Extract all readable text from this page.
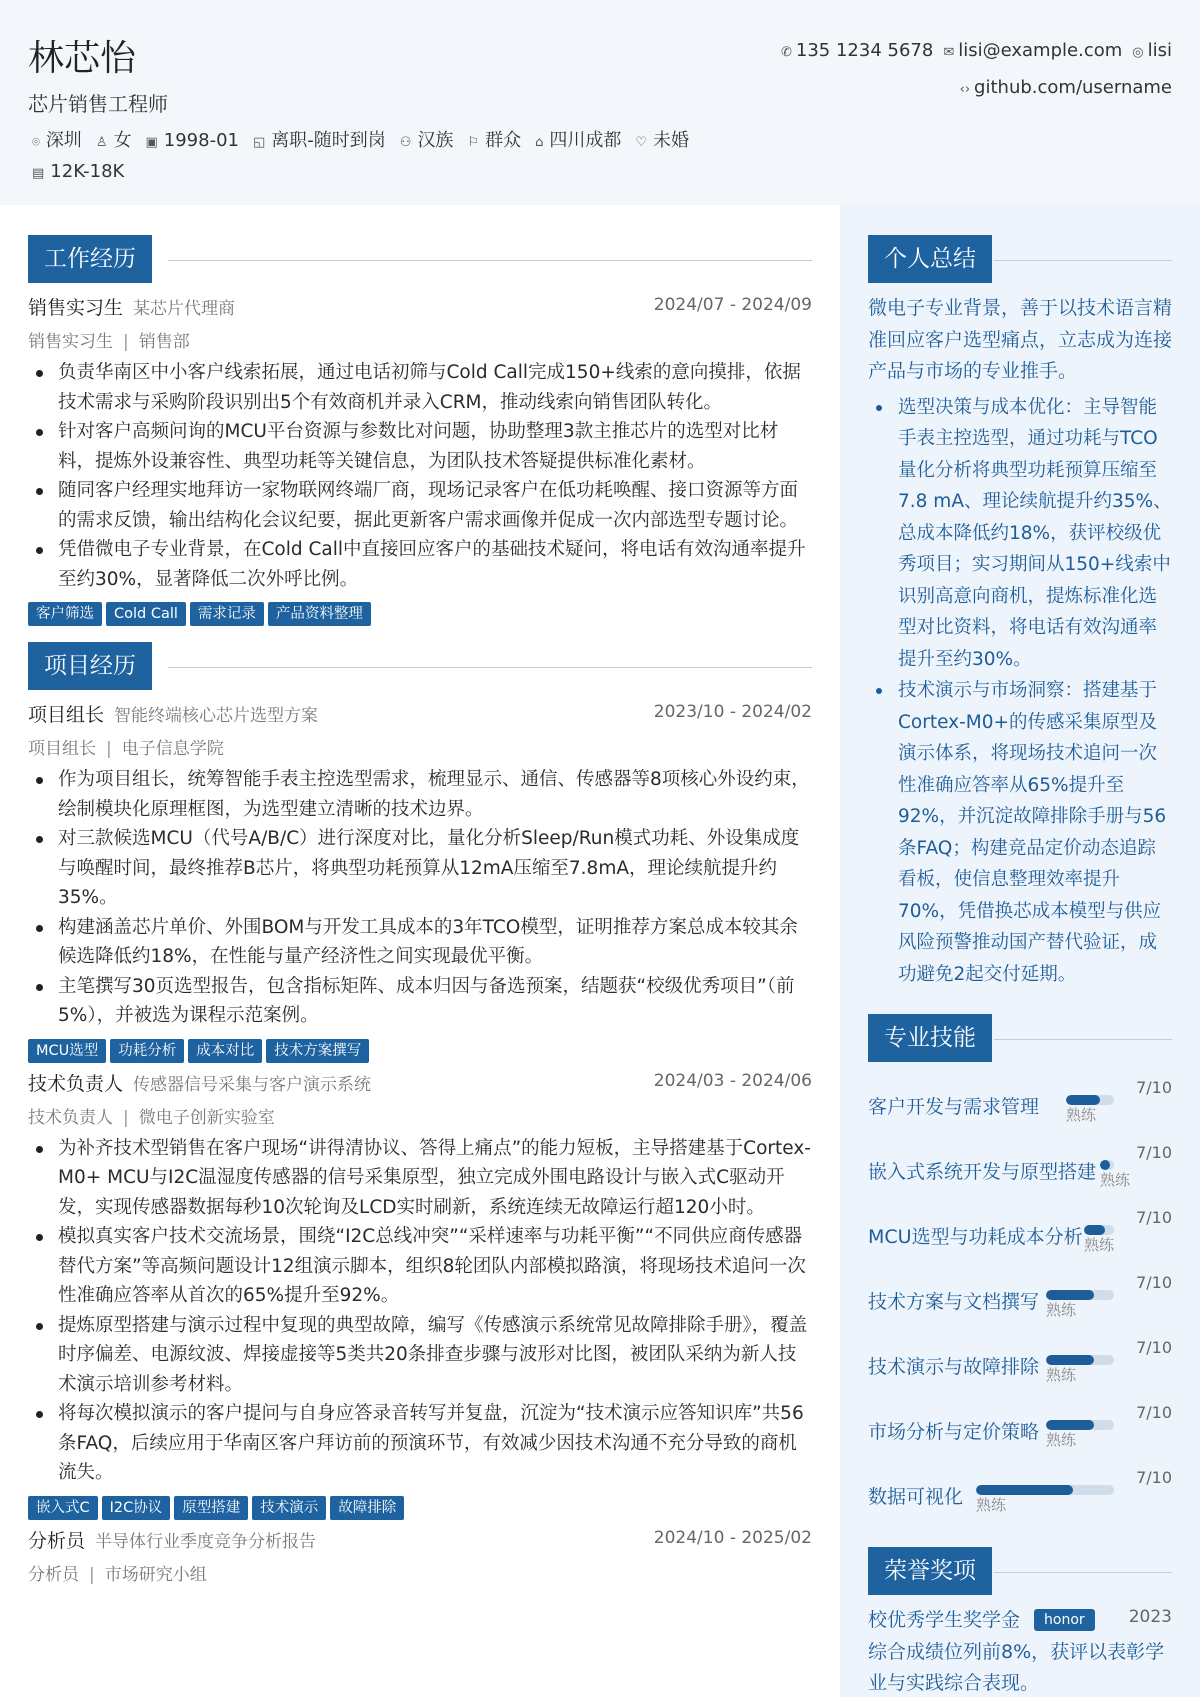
林芯怡
芯片销售工程师
⌾ 深圳 ♙ 女 ▣ 1998-01 ◱ 离职-随时到岗 ⚇ 汉族 ⚐ 群众 ⌂ 四川成都 ♡ 未婚▤ 12K-18K
✆ 135 1234 5678 ✉ lisi@example.com ◎ lisi
‹› github.com/username
工作经历
销售实习生 某芯片代理商	2024/07 - 2024/09
销售实习生 | 销售部
负责华南区中小客户线索拓展，通过电话初筛与Cold Call完成150+线索的意向摸排，依据技术需求与采购阶段识别出5个有效商机并录入CRM，推动线索向销售团队转化。
针对客户高频问询的MCU平台资源与参数比对问题，协助整理3款主推芯片的选型对比材料，提炼外设兼容性、典型功耗等关键信息，为团队技术答疑提供标准化素材。
随同客户经理实地拜访一家物联网终端厂商，现场记录客户在低功耗唤醒、接口资源等方面的需求反馈，输出结构化会议纪要，据此更新客户需求画像并促成一次内部选型专题讨论。
凭借微电子专业背景，在Cold Call中直接回应客户的基础技术疑问，将电话有效沟通率提升至约30%，显著降低二次外呼比例。
客户筛选 Cold Call 需求记录 产品资料整理
项目经历
项目组长 智能终端核心芯片选型方案	2023/10 - 2024/02
项目组长 | 电子信息学院
作为项目组长，统筹智能手表主控选型需求，梳理显示、通信、传感器等8项核心外设约束，绘制模块化原理框图，为选型建立清晰的技术边界。
对三款候选MCU（代号A/B/C）进行深度对比，量化分析Sleep/Run模式功耗、外设集成度与唤醒时间，最终推荐B芯片，将典型功耗预算从12mA压缩至7.8mA，理论续航提升约35%。
构建涵盖芯片单价、外围BOM与开发工具成本的3年TCO模型，证明推荐方案总成本较其余候选降低约18%，在性能与量产经济性之间实现最优平衡。
主笔撰写30页选型报告，包含指标矩阵、成本归因与备选预案，结题获“校级优秀项目”（前5%），并被选为课程示范案例。
MCU选型 功耗分析 成本对比 技术方案撰写
技术负责人 传感器信号采集与客户演示系统	2024/03 - 2024/06
技术负责人 | 微电子创新实验室
为补齐技术型销售在客户现场“讲得清协议、答得上痛点”的能力短板，主导搭建基于Cortex-M0+ MCU与I2C温湿度传感器的信号采集原型，独立完成外围电路设计与嵌入式C驱动开发，实现传感器数据每秒10次轮询及LCD实时刷新，系统连续无故障运行超120小时。
模拟真实客户技术交流场景，围绕“I2C总线冲突”“采样速率与功耗平衡”“不同供应商传感器替代方案”等高频问题设计12组演示脚本，组织8轮团队内部模拟路演，将现场技术追问一次性准确应答率从首次的65%提升至92%。
提炼原型搭建与演示过程中复现的典型故障，编写《传感演示系统常见故障排除手册》，覆盖时序偏差、电源纹波、焊接虚接等5类共20条排查步骤与波形对比图，被团队采纳为新人技术演示培训参考材料。
将每次模拟演示的客户提问与自身应答录音转写并复盘，沉淀为“技术演示应答知识库”共56条FAQ，后续应用于华南区客户拜访前的预演环节，有效减少因技术沟通不充分导致的商机流失。
嵌入式C I2C协议 原型搭建 技术演示 故障排除
分析员 半导体行业季度竞争分析报告	2024/10 - 2025/02
分析员 | 市场研究小组
个人总结
微电子专业背景，善于以技术语言精准回应客户选型痛点，立志成为连接产品与市场的专业推手。
选型决策与成本优化：主导智能手表主控选型，通过功耗与TCO量化分析将典型功耗预算压缩至7.8 mA、理论续航提升约35%、总成本降低约18%，获评校级优秀项目；实习期间从150+线索中识别高意向商机，提炼标准化选型对比资料，将电话有效沟通率提升至约30%。
技术演示与市场洞察：搭建基于Cortex-M0+的传感采集原型及演示体系，将现场技术追问一次性准确应答率从65%提升至92%，并沉淀故障排除手册与56条FAQ；构建竞品定价动态追踪看板，使信息整理效率提升70%，凭借换芯成本模型与供应风险预警推动国产替代验证，成功避免2起交付延期。
专业技能
客户开发与需求管理
7/10
熟练
嵌入式系统开发与原型搭建
7/10
熟练
MCU选型与功耗成本分析
7/10
熟练
技术方案与文档撰写
7/10
熟练
技术演示与故障排除
7/10
熟练
市场分析与定价策略
7/10
熟练
数据可视化
7/10
熟练
荣誉奖项
校优秀学生奖学金 honor	2023
综合成绩位列前8%，获评以表彰学业与实践综合表现。
